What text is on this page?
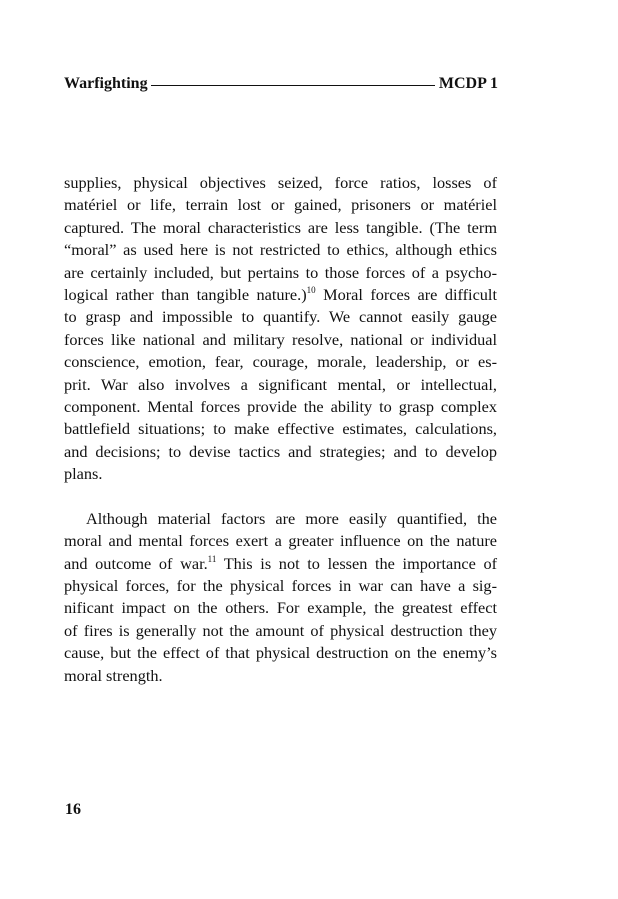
Warfighting	MCDP 1

supplies, physical objectives seized, force ratios, losses of
matériel or life, terrain lost or gained, prisoners or matériel
captured. The moral characteristics are less tangible. (The term
“moral” as used here is not restricted to ethics, although ethics
are certainly included, but pertains to those forces of a psycho-
logical rather than tangible nature.)$^{10}$ Moral forces are difficult
to grasp and impossible to quantify. We cannot easily gauge
forces like national and military resolve, national or individual
conscience, emotion, fear, courage, morale, leadership, or es-
prit. War also involves a significant mental, or intellectual,
component. Mental forces provide the ability to grasp complex
battlefield situations; to make effective estimates, calculations,
and decisions; to devise tactics and strategies; and to develop
plans.

Although material factors are more easily quantified, the
moral and mental forces exert a greater influence on the nature
and outcome of war.$^{11}$ This is not to lessen the importance of
physical forces, for the physical forces in war can have a sig-
nificant impact on the others. For example, the greatest effect
of fires is generally not the amount of physical destruction they
cause, but the effect of that physical destruction on the enemy’s
moral strength.

16
